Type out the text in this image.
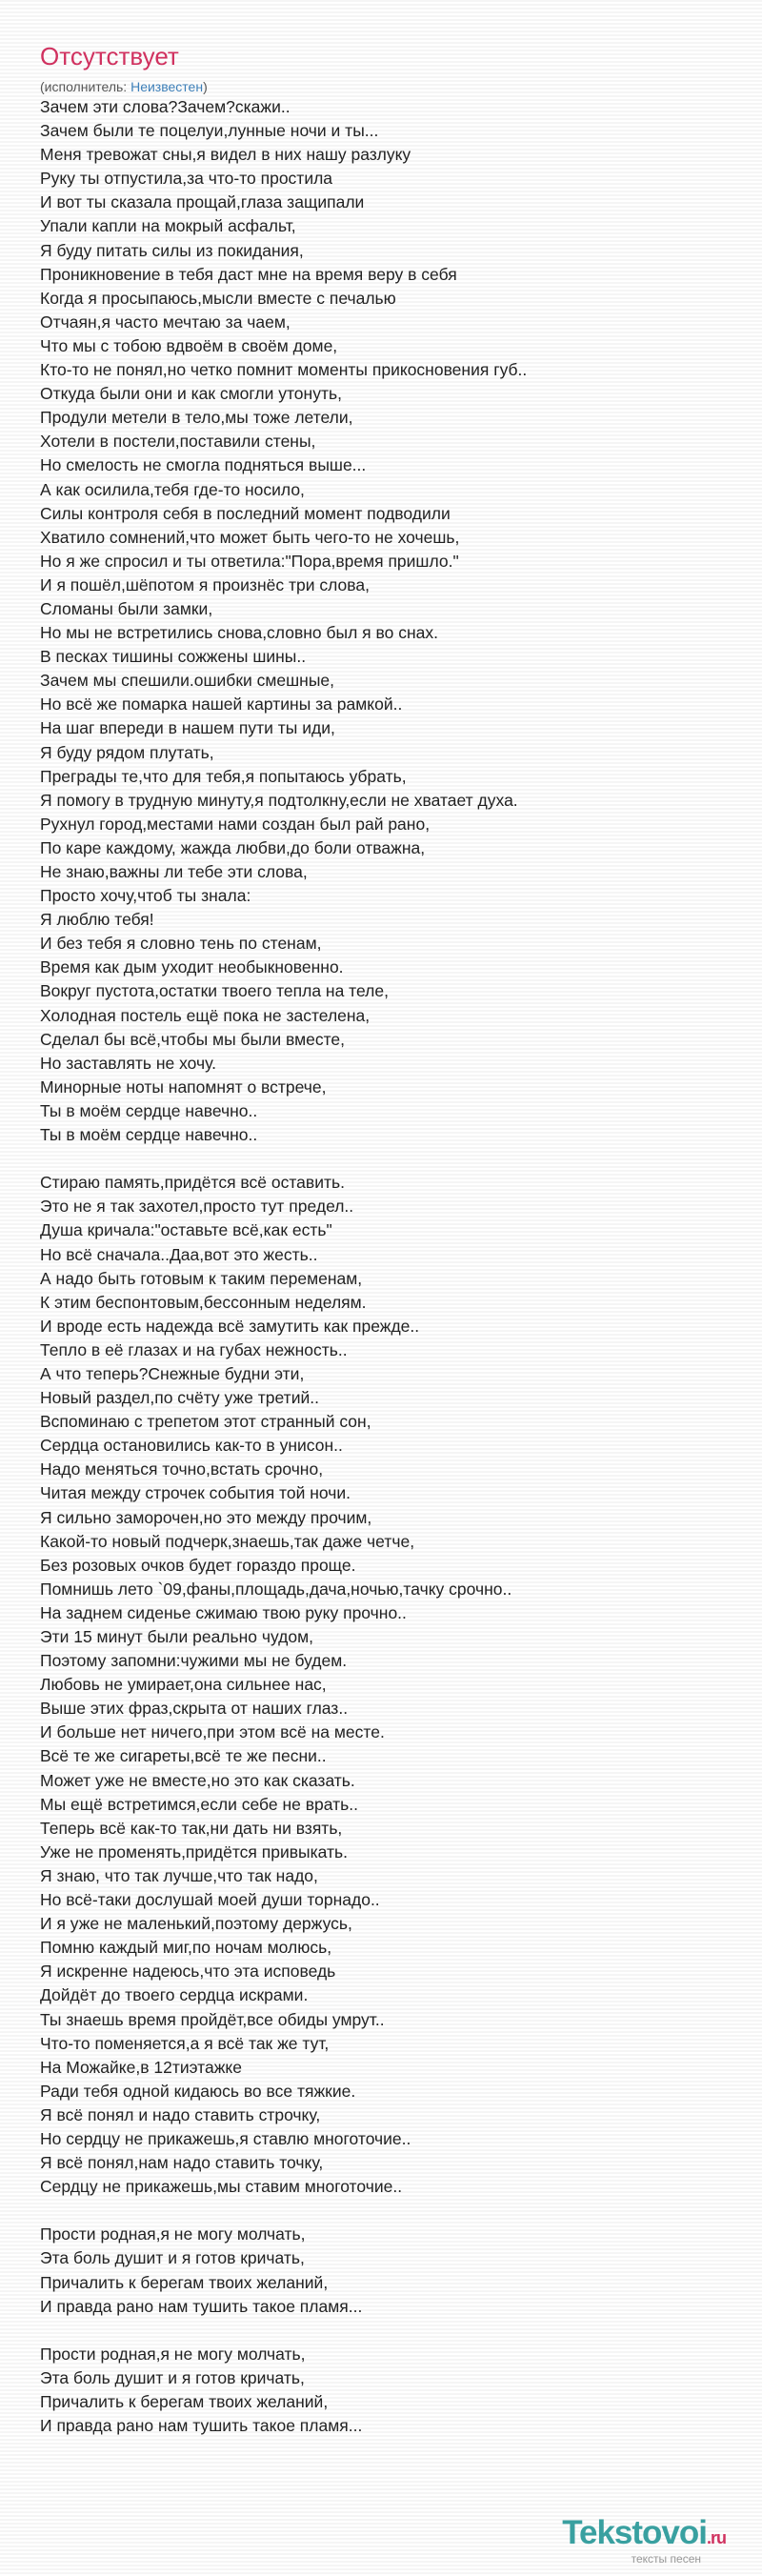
Отсутствует
(исполнитель: Неизвестен)
Зачем эти слова?Зачем?скажи..
Зачем были те поцелуи,лунные ночи и ты...
Меня тревожат сны,я видел в них нашу разлуку
Руку ты отпустила,за что-то простила
И вот ты сказала прощай,глаза защипали
Упали капли на мокрый асфальт,
Я буду питать силы из покидания,
Проникновение в тебя даст мне на время веру в себя
Когда я просыпаюсь,мысли вместе с печалью
Отчаян,я часто мечтаю за чаем,
Что мы с тобою вдвоём в своём доме,
Кто-то не понял,но четко помнит моменты прикосновения губ..
Откуда были они и как смогли утонуть,
Продули метели в тело,мы тоже летели,
Хотели в постели,поставили стены,
Но смелость не смогла подняться выше...
А как осилила,тебя где-то носило,
Силы контроля себя в последний момент подводили
Хватило сомнений,что может быть чего-то не хочешь,
Но я же спросил и ты ответила:"Пора,время пришло."
И я пошёл,шёпотом я произнёс три слова,
Сломаны были замки,
Но мы не встретились снова,словно был я во снах.
В песках тишины сожжены шины..
Зачем мы спешили.ошибки смешные,
Но всё же помарка нашей картины за рамкой..
На шаг впереди в нашем пути ты иди,
Я буду рядом плутать,
Преграды те,что для тебя,я попытаюсь убрать,
Я помогу в трудную минуту,я подтолкну,если не хватает духа.
Рухнул город,местами нами создан был рай рано,
По каре каждому, жажда любви,до боли отважна,
Не знаю,важны ли тебе эти слова,
Просто хочу,чтоб ты знала:
Я люблю тебя!
И без тебя я словно тень по стенам,
Время как дым уходит необыкновенно.
Вокруг пустота,остатки твоего тепла на теле,
Холодная постель ещё пока не застелена,
Сделал бы всё,чтобы мы были вместе,
Но заставлять не хочу.
Минорные ноты напомнят о встрече,
Ты в моём сердце навечно..
Ты в моём сердце навечно..
Стираю память,придётся всё оставить.
Это не я так захотел,просто тут предел..
Душа кричала:"оставьте всё,как есть"
Но всё сначала..Даа,вот это жесть..
А надо быть готовым к таким переменам,
К этим беспонтовым,бессонным неделям.
И вроде есть надежда всё замутить как прежде..
Тепло в её глазах и на губах нежность..
А что теперь?Снежные будни эти,
Новый раздел,по счёту уже третий..
Вспоминаю с трепетом этот странный сон,
Сердца остановились как-то в унисон..
Надо меняться точно,встать срочно,
Читая между строчек события той ночи.
Я сильно заморочен,но это между прочим,
Какой-то новый подчерк,знаешь,так даже четче,
Без розовых очков будет гораздо проще.
Помнишь лето `09,фаны,площадь,дача,ночью,тачку срочно..
На заднем сиденье сжимаю твою руку прочно..
Эти 15 минут были реально чудом,
Поэтому запомни:чужими мы не будем.
Любовь не умирает,она сильнее нас,
Выше этих фраз,скрыта от наших глаз..
И больше нет ничего,при этом всё на месте.
Всё те же сигареты,всё те же песни..
Может уже не вместе,но это как сказать.
Мы ещё встретимся,если себе не врать..
Теперь всё как-то так,ни дать ни взять,
Уже не променять,придётся привыкать.
Я знаю, что так лучше,что так надо,
Но всё-таки дослушай моей души торнадо..
И я уже не маленький,поэтому держусь,
Помню каждый миг,по ночам молюсь,
Я искренне надеюсь,что эта исповедь
Дойдёт до твоего сердца искрами.
Ты знаешь время пройдёт,все обиды умрут..
Что-то поменяется,а я всё так же тут,
На Можайке,в 12тиэтажке
Ради тебя одной кидаюсь во все тяжкие.
Я всё понял и надо ставить строчку,
Но сердцу не прикажешь,я ставлю многоточие..
Я всё понял,нам надо ставить точку,
Сердцу не прикажешь,мы ставим многоточие..
Прости родная,я не могу молчать,
Эта боль душит и я готов кричать,
Причалить к берегам твоих желаний,
И правда рано нам тушить такое пламя...
Прости родная,я не могу молчать,
Эта боль душит и я готов кричать,
Причалить к берегам твоих желаний,
И правда рано нам тушить такое пламя...
Tekstovoi.ru
тексты песен
